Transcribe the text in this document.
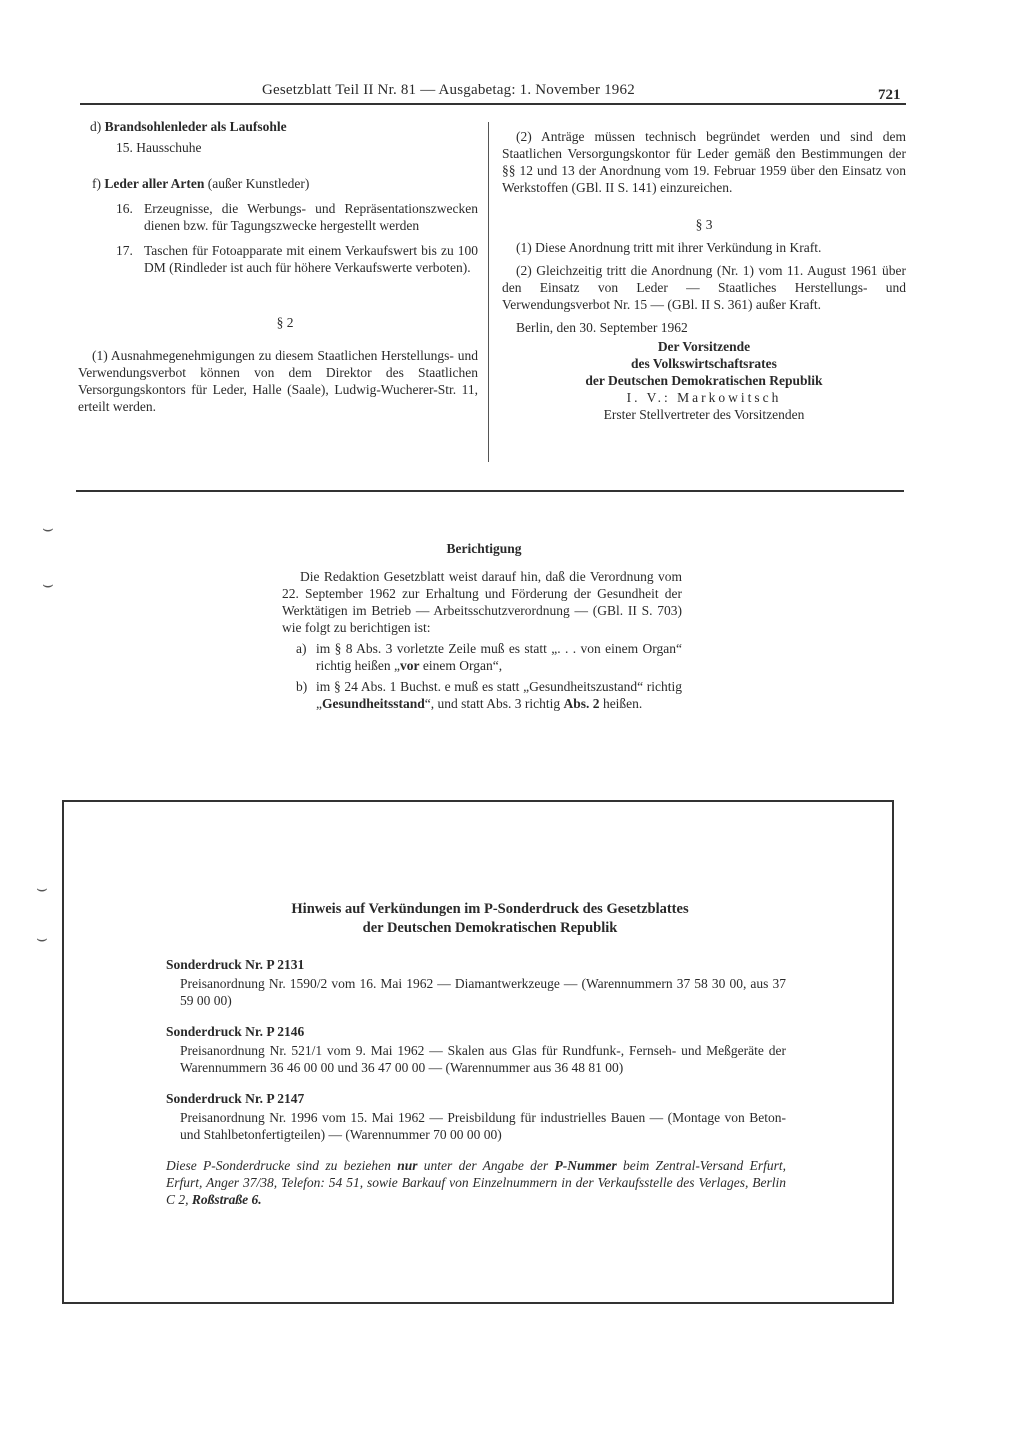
Gesetzblatt Teil II Nr. 81 — Ausgabetag: 1. November 1962	721

d) Brandsohlenleder als Laufsohle

15. Hausschuhe

f) Leder aller Arten (außer Kunstleder)

16. Erzeugnisse, die Werbungs- und Repräsentationszwecken dienen bzw. für Tagungszwecke hergestellt werden
17. Taschen für Fotoapparate mit einem Verkaufswert bis zu 100 DM (Rindleder ist auch für höhere Verkaufswerte verboten).

§ 2

(1) Ausnahmegenehmigungen zu diesem Staatlichen Herstellungs- und Verwendungsverbot können von dem Direktor des Staatlichen Versorgungskontors für Leder, Halle (Saale), Ludwig-Wucherer-Str. 11, erteilt werden.

(2) Anträge müssen technisch begründet werden und sind dem Staatlichen Versorgungskontor für Leder gemäß den Bestimmungen der §§ 12 und 13 der Anordnung vom 19. Februar 1959 über den Einsatz von Werkstoffen (GBl. II S. 141) einzureichen.

§ 3

(1) Diese Anordnung tritt mit ihrer Verkündung in Kraft.

(2) Gleichzeitig tritt die Anordnung (Nr. 1) vom 11. August 1961 über den Einsatz von Leder — Staatliches Herstellungs- und Verwendungsverbot Nr. 15 — (GBl. II S. 361) außer Kraft.

Berlin, den 30. September 1962

Der Vorsitzende

des Volkswirtschaftsrates

der Deutschen Demokratischen Republik

I. V.: Markowitsch

Erster Stellvertreter des Vorsitzenden

⌣
⌣
⌣
⌣
Berichtigung

Die Redaktion Gesetzblatt weist darauf hin, daß die Verordnung vom 22. September 1962 zur Erhaltung und Förderung der Gesundheit der Werktätigen im Betrieb — Arbeitsschutzverordnung — (GBl. II S. 703) wie folgt zu berichtigen ist:

a) im § 8 Abs. 3 vorletzte Zeile muß es statt „. . . von einem Organ“ richtig heißen „vor einem Organ“,
b) im § 24 Abs. 1 Buchst. e muß es statt „Gesundheitszustand“ richtig „Gesundheitsstand“, und statt Abs. 3 richtig Abs. 2 heißen.
Hinweis auf Verkündungen im P-Sonderdruck des Gesetzblattes
der Deutschen Demokratischen Republik
Sonderdruck Nr. P 2131

Preisanordnung Nr. 1590/2 vom 16. Mai 1962 — Diamantwerkzeuge — (Warennummern 37 58 30 00, aus 37 59 00 00)

Sonderdruck Nr. P 2146

Preisanordnung Nr. 521/1 vom 9. Mai 1962 — Skalen aus Glas für Rundfunk-, Fernseh- und Meßgeräte der Warennummern 36 46 00 00 und 36 47 00 00 — (Warennummer aus 36 48 81 00)

Sonderdruck Nr. P 2147

Preisanordnung Nr. 1996 vom 15. Mai 1962 — Preisbildung für industrielles Bauen — (Montage von Beton- und Stahlbetonfertigteilen) — (Warennummer 70 00 00 00)

Diese P-Sonderdrucke sind zu beziehen nur unter der Angabe der P-Nummer beim Zentral-Versand Erfurt, Erfurt, Anger 37/38, Telefon: 54 51, sowie Barkauf von Einzelnummern in der Verkaufsstelle des Verlages, Berlin C 2, Roßstraße 6.
